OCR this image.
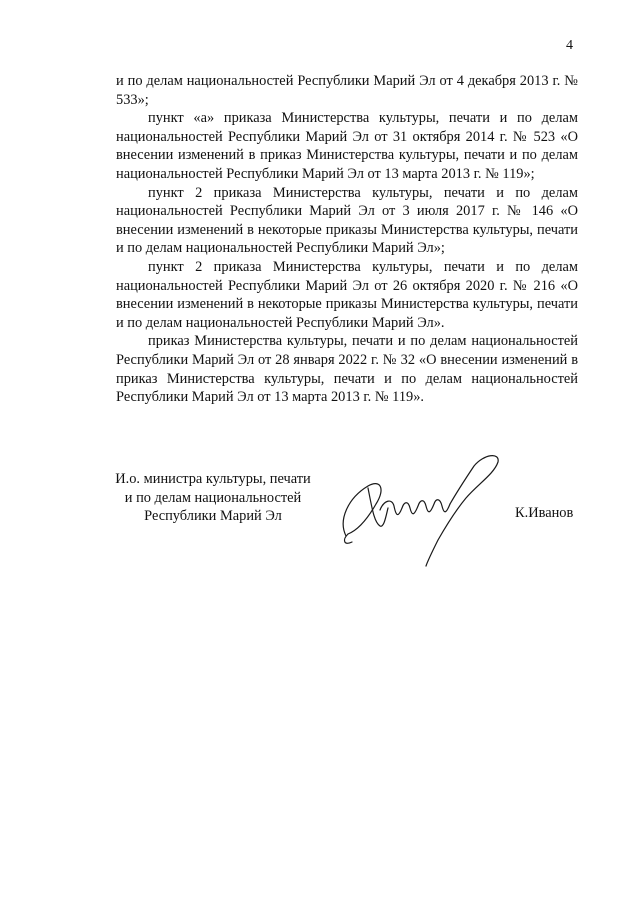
4

и по делам национальностей Республики Марий Эл от 4 декабря 2013 г. № 533»;

пункт «а» приказа Министерства культуры, печати и по делам национальностей Республики Марий Эл от 31 октября 2014 г. № 523 «О внесении изменений в приказ Министерства культуры, печати и по делам национальностей Республики Марий Эл от 13 марта 2013 г. № 119»;

пункт 2 приказа Министерства культуры, печати и по делам национальностей Республики Марий Эл от 3 июля 2017 г. № 146 «О внесении изменений в некоторые приказы Министерства культуры, печати и по делам национальностей Республики Марий Эл»;

пункт 2 приказа Министерства культуры, печати и по делам национальностей Республики Марий Эл от 26 октября 2020 г. № 216 «О внесении изменений в некоторые приказы Министерства культуры, печати и по делам национальностей Республики Марий Эл».

приказ Министерства культуры, печати и по делам национальностей Республики Марий Эл от 28 января 2022 г. № 32 «О внесении изменений в приказ Министерства культуры, печати и по делам национальностей Республики Марий Эл от 13 марта 2013 г. № 119».

И.о. министра культуры, печати
и по делам национальностей
Республики Марий Эл	К.Иванов
